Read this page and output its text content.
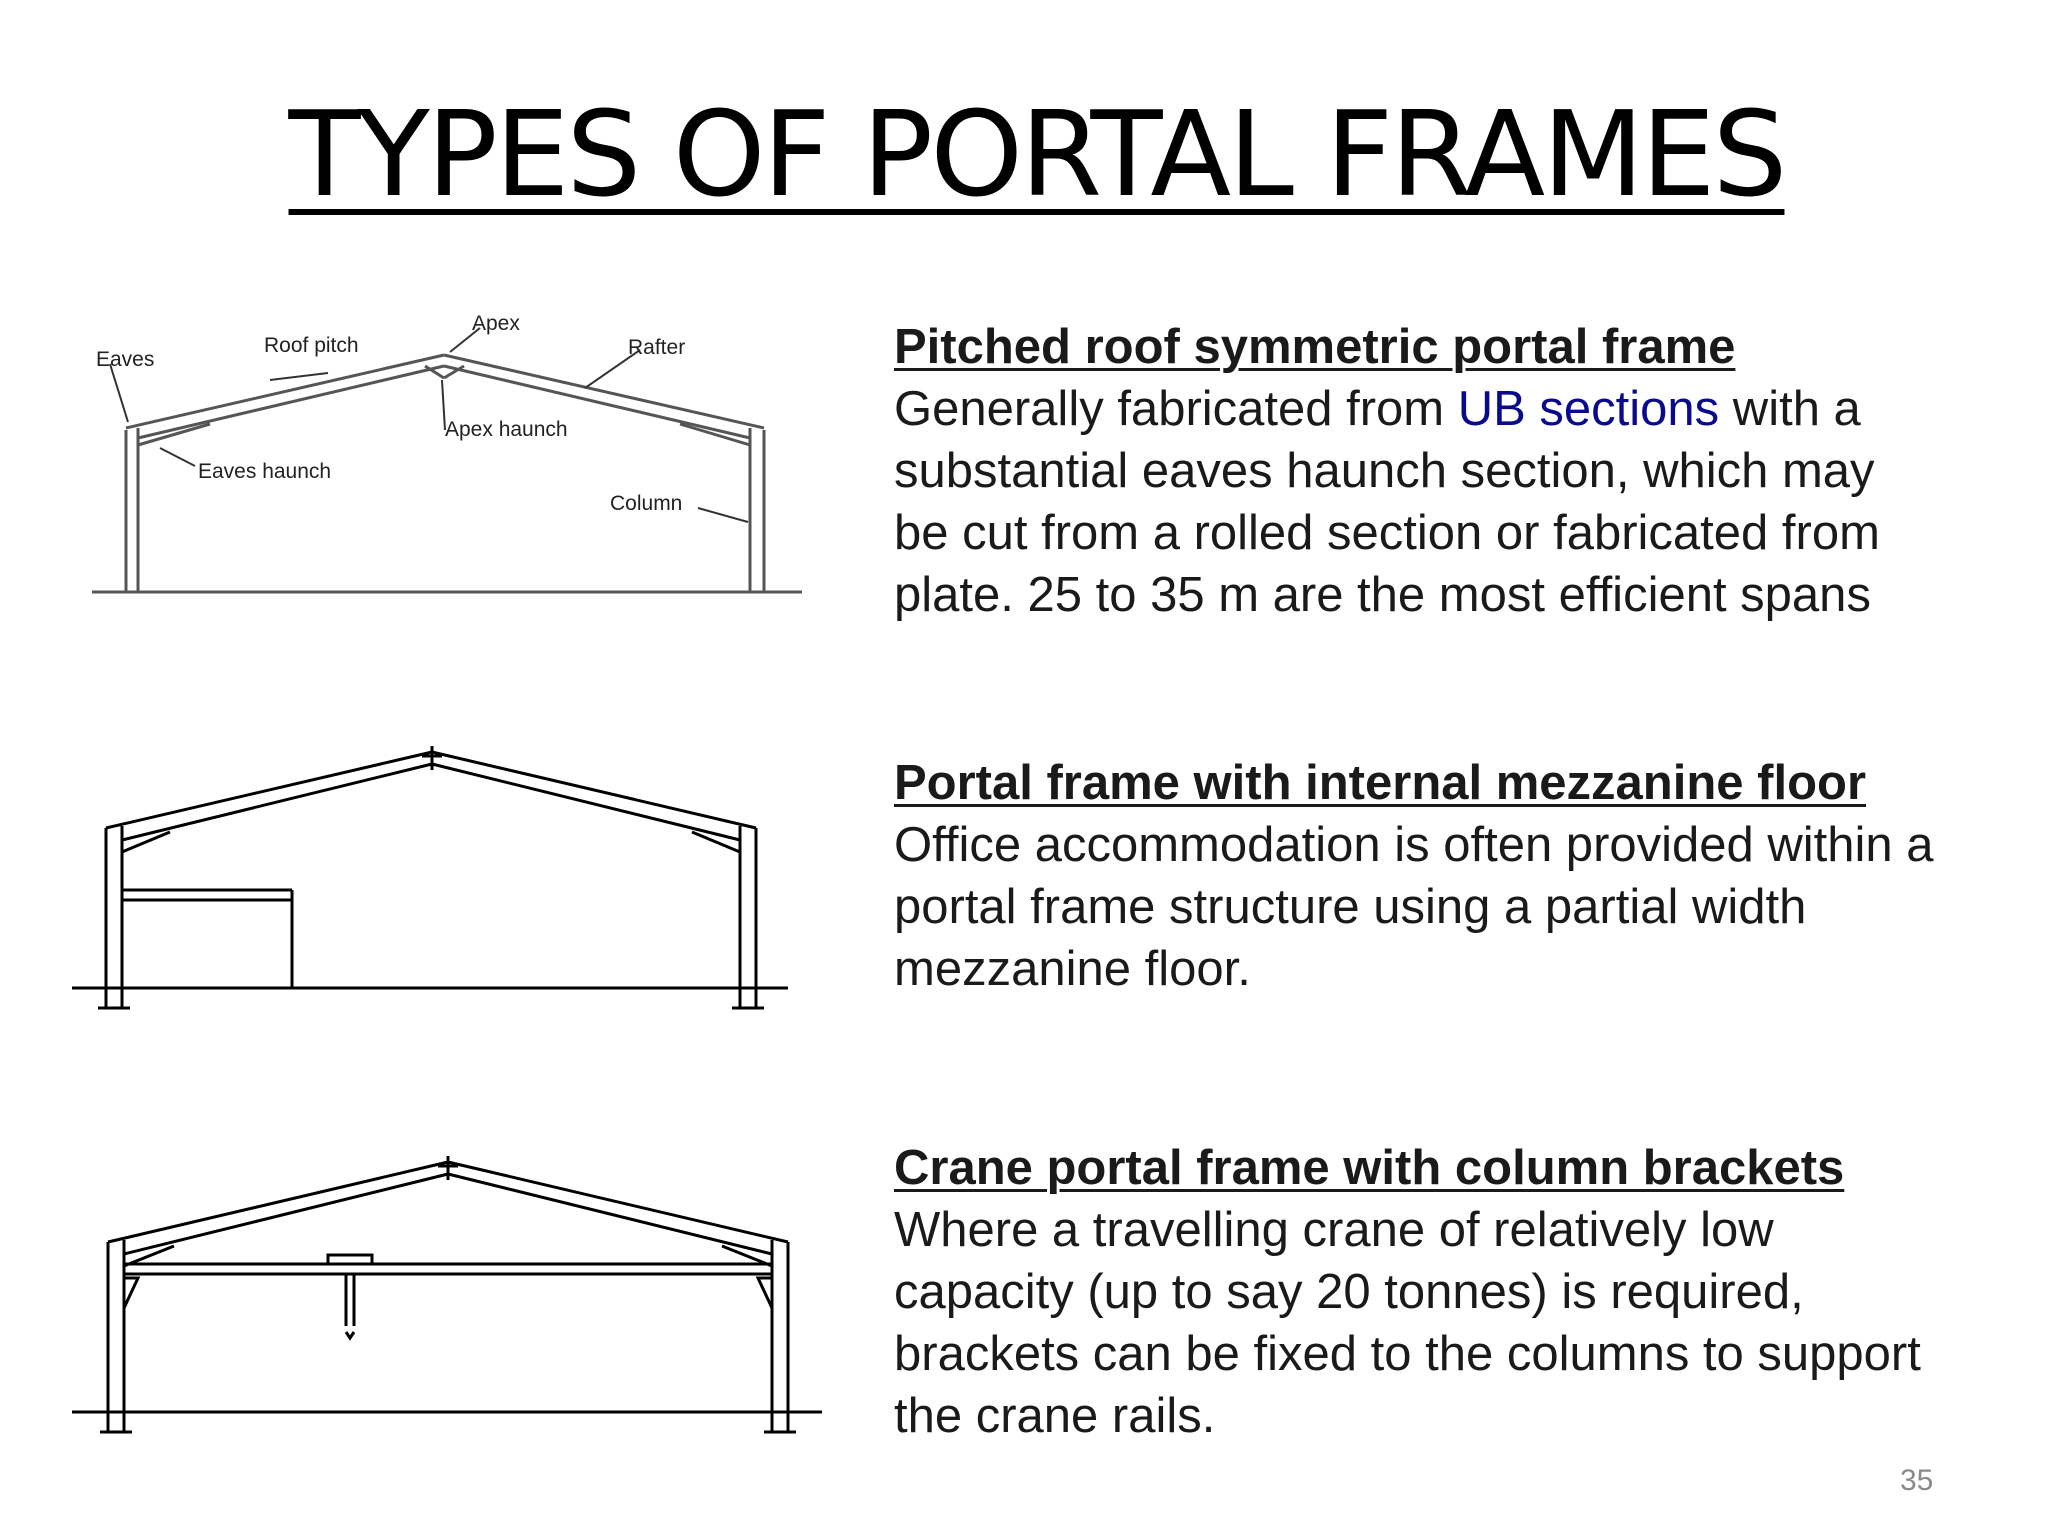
TYPES OF PORTAL FRAMES
Eaves
Roof pitch
Apex
Rafter
Apex haunch
Eaves haunch
Column
Pitched roof symmetric portal frame
Generally fabricated from UB sections with a substantial eaves haunch section, which may be cut from a rolled section or fabricated from plate. 25 to 35 m are the most efficient spans
Portal frame with internal mezzanine floor
Office accommodation is often provided within a portal frame structure using a partial width mezzanine floor.
Crane portal frame with column brackets
Where a travelling crane of relatively low capacity (up to say 20 tonnes) is required, brackets can be fixed to the columns to support the crane rails.
35
